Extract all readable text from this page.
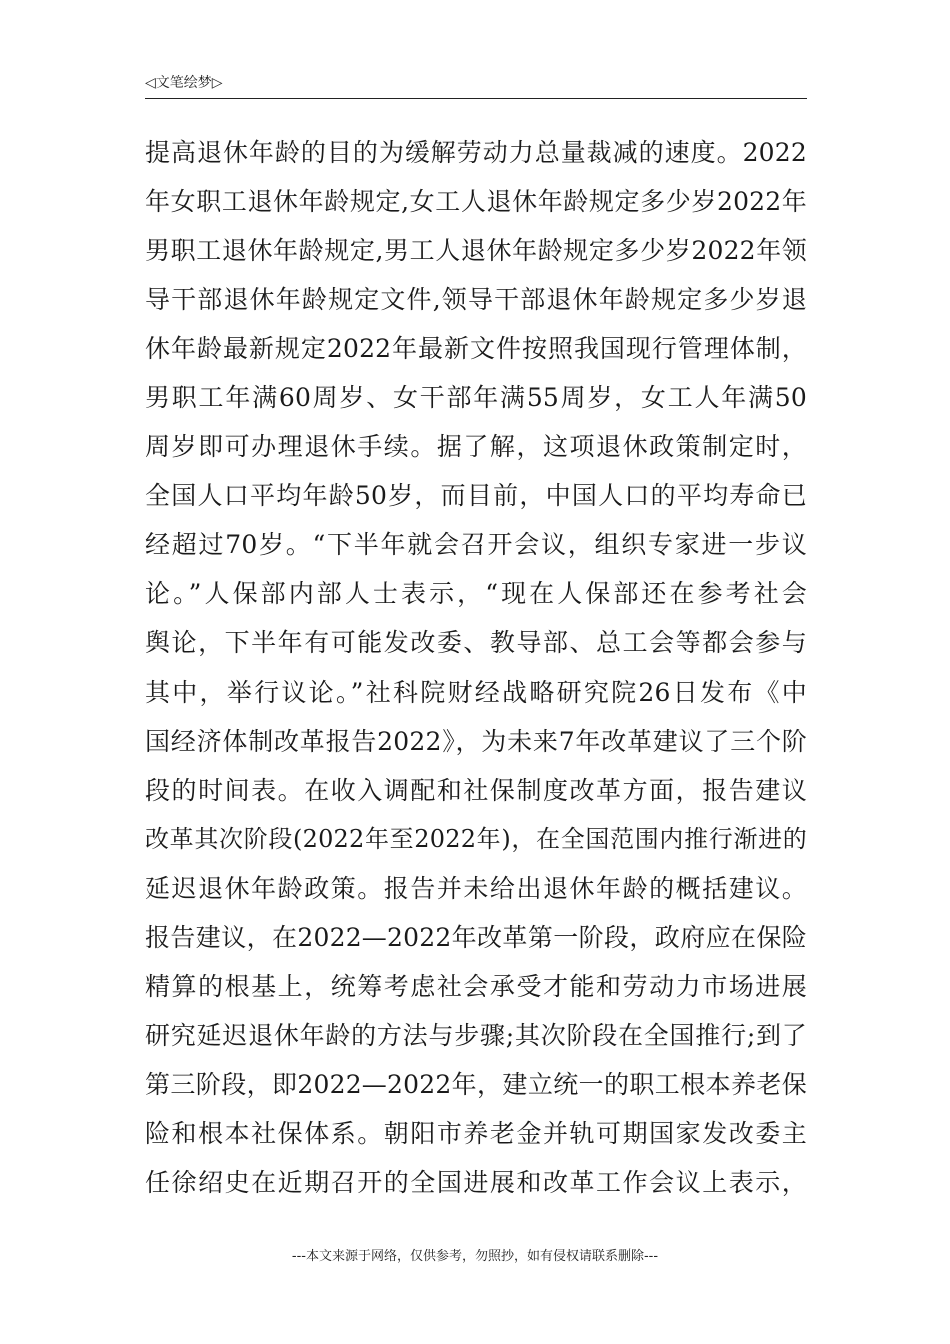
◁文笔绘梦▷
提高退休年龄的目的为缓解劳动力总量裁减的速度。2022
年女职工退休年龄规定,女工人退休年龄规定多少岁2022年
男职工退休年龄规定,男工人退休年龄规定多少岁2022年领
导干部退休年龄规定文件,领导干部退休年龄规定多少岁退
休年龄最新规定2022年最新文件按照我国现行管理体制，
男职工年满60周岁、女干部年满55周岁，女工人年满50
周岁即可办理退休手续。据了解，这项退休政策制定时，
全国人口平均年龄50岁，而目前，中国人口的平均寿命已
经超过70岁。“下半年就会召开会议，组织专家进一步议
论。”人保部内部人士表示，“现在人保部还在参考社会
舆论，下半年有可能发改委、教导部、总工会等都会参与
其中，举行议论。”社科院财经战略研究院26日发布《中
国经济体制改革报告2022》，为未来7年改革建议了三个阶
段的时间表。在收入调配和社保制度改革方面，报告建议
改革其次阶段(2022年至2022年)，在全国范围内推行渐进的
延迟退休年龄政策。报告并未给出退休年龄的概括建议。
报告建议，在2022—2022年改革第一阶段，政府应在保险
精算的根基上，统筹考虑社会承受才能和劳动力市场进展
研究延迟退休年龄的方法与步骤;其次阶段在全国推行;到了
第三阶段，即2022—2022年，建立统一的职工根本养老保
险和根本社保体系。朝阳市养老金并轨可期国家发改委主
任徐绍史在近期召开的全国进展和改革工作会议上表示，
---本文来源于网络，仅供参考，勿照抄，如有侵权请联系删除---
